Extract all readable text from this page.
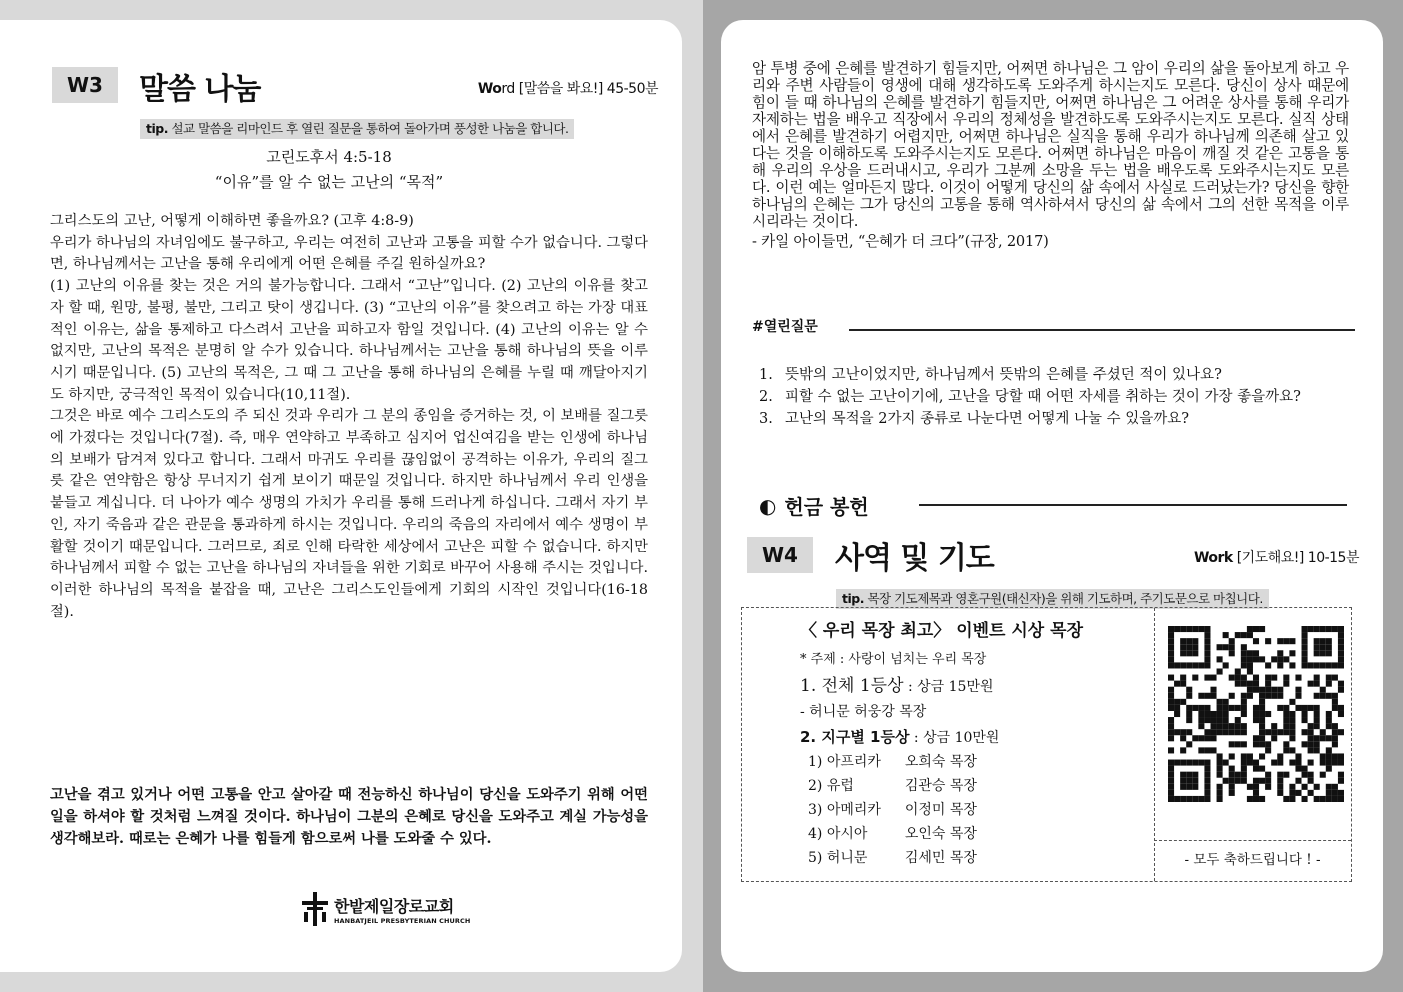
W3	말씀 나눔	Word [말씀을 봐요!] 45-50분
tip. 설교 말씀을 리마인드 후 열린 질문을 통하여 돌아가며 풍성한 나눔을 합니다.
고린도후서 4:5-18
“이유”를 알 수 없는 고난의 “목적”

그리스도의 고난, 어떻게 이해하면 좋을까요? (고후 4:8-9)

우리가 하나님의 자녀임에도 불구하고, 우리는 여전히 고난과 고통을 피할 수가 없습니다. 그렇다면, 하나님께서는 고난을 통해 우리에게 어떤 은혜를 주길 원하실까요?

(1) 고난의 이유를 찾는 것은 거의 불가능합니다. 그래서 “고난”입니다. (2) 고난의 이유를 찾고자 할 때, 원망, 불평, 불만, 그리고 탓이 생깁니다. (3) “고난의 이유”를 찾으려고 하는 가장 대표적인 이유는, 삶을 통제하고 다스려서 고난을 피하고자 함일 것입니다. (4) 고난의 이유는 알 수 없지만, 고난의 목적은 분명히 알 수가 있습니다. 하나님께서는 고난을 통해 하나님의 뜻을 이루시기 때문입니다. (5) 고난의 목적은, 그 때 그 고난을 통해 하나님의 은혜를 누릴 때 깨달아지기도 하지만, 궁극적인 목적이 있습니다(10,11절).

그것은 바로 예수 그리스도의 주 되신 것과 우리가 그 분의 종임을 증거하는 것, 이 보배를 질그릇에 가졌다는 것입니다(7절). 즉, 매우 연약하고 부족하고 심지어 업신여김을 받는 인생에 하나님의 보배가 담겨져 있다고 합니다. 그래서 마귀도 우리를 끊임없이 공격하는 이유가, 우리의 질그릇 같은 연약함은 항상 무너지기 쉽게 보이기 때문일 것입니다. 하지만 하나님께서 우리 인생을 붙들고 계십니다. 더 나아가 예수 생명의 가치가 우리를 통해 드러나게 하십니다. 그래서 자기 부인, 자기 죽음과 같은 관문을 통과하게 하시는 것입니다. 우리의 죽음의 자리에서 예수 생명이 부활할 것이기 때문입니다. 그러므로, 죄로 인해 타락한 세상에서 고난은 피할 수 없습니다. 하지만 하나님께서 피할 수 없는 고난을 하나님의 자녀들을 위한 기회로 바꾸어 사용해 주시는 것입니다. 이러한 하나님의 목적을 붙잡을 때, 고난은 그리스도인들에게 기회의 시작인 것입니다(16-18절).

고난을 겪고 있거나 어떤 고통을 안고 살아갈 때 전능하신 하나님이 당신을 도와주기 위해 어떤 일을 하셔야 할 것처럼 느껴질 것이다. 하나님이 그분의 은혜로 당신을 도와주고 계실 가능성을 생각해보라. 때로는 은혜가 나를 힘들게 함으로써 나를 도와줄 수 있다.

한밭제일장로교회
HANBATJEIL PRESBYTERIAN CHURCH

암 투병 중에 은혜를 발견하기 힘들지만, 어쩌면 하나님은 그 암이 우리의 삶을 돌아보게 하고 우리와 주변 사람들이 영생에 대해 생각하도록 도와주게 하시는지도 모른다. 당신이 상사 때문에 힘이 들 때 하나님의 은혜를 발견하기 힘들지만, 어쩌면 하나님은 그 어려운 상사를 통해 우리가 자제하는 법을 배우고 직장에서 우리의 정체성을 발견하도록 도와주시는지도 모른다. 실직 상태에서 은혜를 발견하기 어렵지만, 어쩌면 하나님은 실직을 통해 우리가 하나님께 의존해 살고 있다는 것을 이해하도록 도와주시는지도 모른다. 어쩌면 하나님은 마음이 깨질 것 같은 고통을 통해 우리의 우상을 드러내시고, 우리가 그분께 소망을 두는 법을 배우도록 도와주시는지도 모른다. 이런 예는 얼마든지 많다. 이것이 어떻게 당신의 삶 속에서 사실로 드러났는가? 당신을 향한 하나님의 은혜는 그가 당신의 고통을 통해 역사하셔서 당신의 삶 속에서 그의 선한 목적을 이루시리라는 것이다.

- 카일 아이들먼, “은혜가 더 크다”(규장, 2017)

#열린질문
1. 뜻밖의 고난이었지만, 하나님께서 뜻밖의 은혜를 주셨던 적이 있나요?
2. 피할 수 없는 고난이기에, 고난을 당할 때 어떤 자세를 취하는 것이 가장 좋을까요?
3. 고난의 목적을 2가지 종류로 나눈다면 어떻게 나눌 수 있을까요?
◐ 헌금 봉헌
W4	사역 및 기도	Work [기도해요!] 10-15분
tip. 목장 기도제목과 영혼구원(태신자)을 위해 기도하며, 주기도문으로 마칩니다.
〈 우리 목장 최고〉 이벤트 시상 목장
* 주제 : 사랑이 넘치는 우리 목장
1. 전체 1등상 : 상금 15만원
- 허니문 허웅강 목장
2. 지구별 1등상 : 상금 10만원
1) 아프리카 오희숙 목장
2) 유럽	김관승 목장
3) 아메리카 이정미 목장
4) 아시아	오인숙 목장
5) 허니문	김세민 목장	- 모두 축하드립니다 ! -
